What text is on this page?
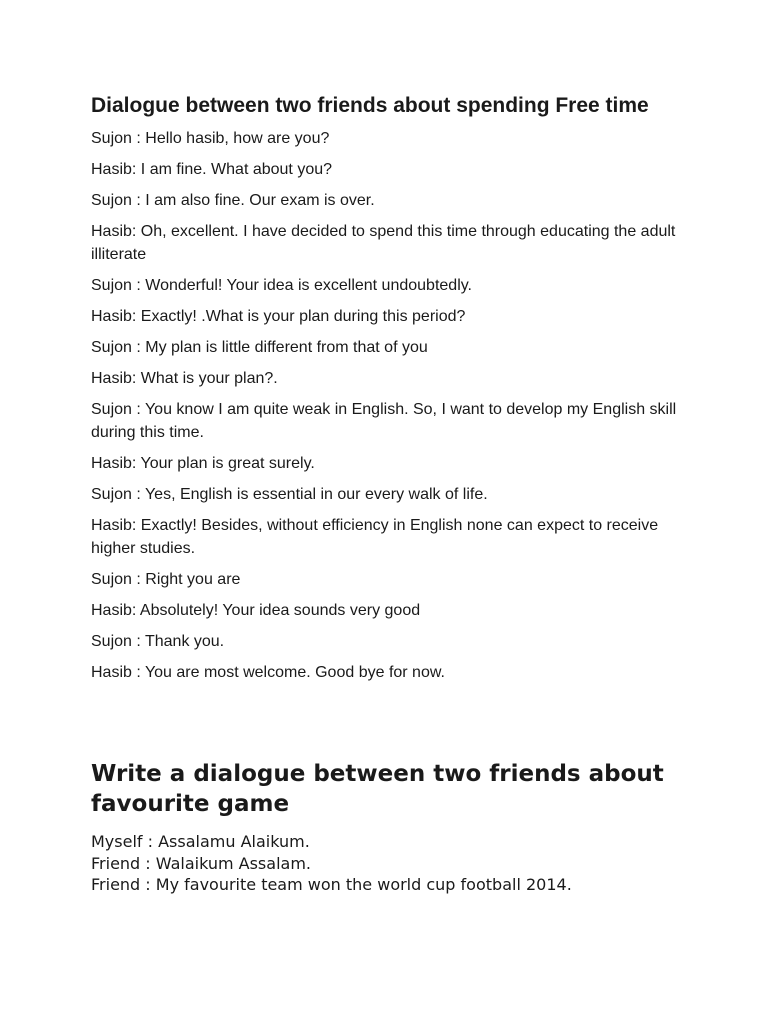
Dialogue between two friends about spending Free time

Sujon : Hello hasib, how are you?

Hasib: I am fine. What about you?

Sujon : I am also fine. Our exam is over.

Hasib: Oh, excellent. I have decided to spend this time through educating the adult illiterate

Sujon : Wonderful! Your idea is excellent undoubtedly.

Hasib: Exactly! .What is your plan during this period?

Sujon : My plan is little different from that of you

Hasib: What is your plan?.

Sujon : You know I am quite weak in English. So, I want to develop my English skill during this time.

Hasib: Your plan is great surely.

Sujon : Yes, English is essential in our every walk of life.

Hasib: Exactly! Besides, without efficiency in English none can expect to receive higher studies.

Sujon : Right you are

Hasib: Absolutely! Your idea sounds very good

Sujon : Thank you.

Hasib : You are most welcome. Good bye for now.

Write a dialogue between two friends about favourite game

Myself : Assalamu Alaikum.

Friend : Walaikum Assalam.

Friend : My favourite team won the world cup football 2014.
